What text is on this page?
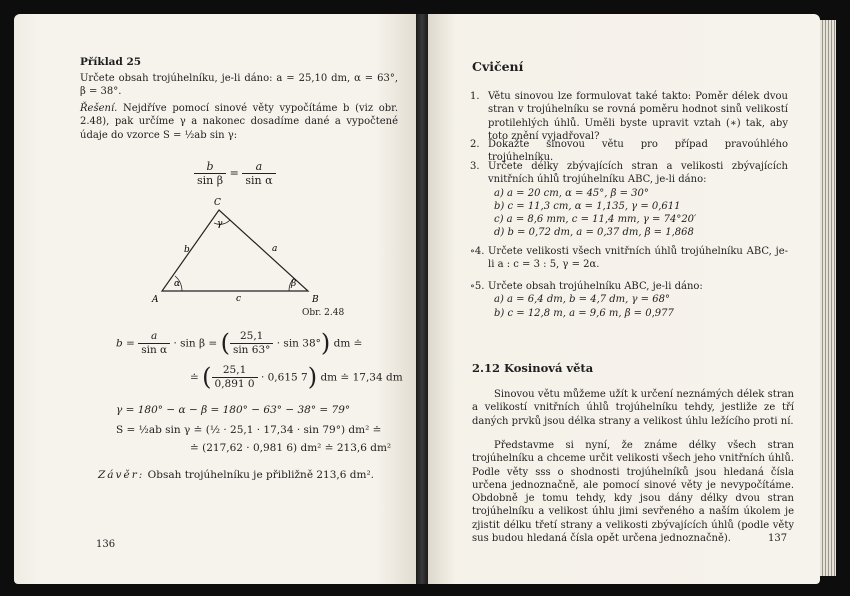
Příklad 25

Určete obsah trojúhelníku, je-li dáno: a = 25,10 dm, α = 63°, β = 38°.

Řešení. Nejdříve pomocí sinové věty vypočítáme b (viz obr. 2.48), pak určíme γ a nakonec dosadíme dané a vypočtené údaje do vzorce S = ½ab sin γ:

$\frac{b}{\text{sin β}} = \frac{a}{\text{sin α}}$
A	B
C
a
b
c
α	β
γ
Obr. 2.48
$b = \frac{a}{\text{sin α}} \cdot \sin \beta$ = ( $\frac{25,1}{\sin 63^\circ} \cdot \sin 38^\circ$) dm ≐
≐ ( $\frac{25,1}{0,891 0} \cdot 0,615$ 7) dm ≐ 17,34 dm
γ = 180° − α − β = 180° − 63° − 38° = 79°
S = ½ab sin γ ≐ (½ · 25,1 · 17,34 · sin 79°) dm² ≐
≐ (217,62 · 0,981 6) dm² ≐ 213,6 dm²
Závěr: Obsah trojúhelníku je přibližně 213,6 dm².
136
Cvičení
1. Větu sinovou lze formulovat také takto: Poměr délek dvou stran v trojúhelníku se rovná poměru hodnot sinů velikostí protilehlých úhlů. Uměli byste upravit vztah (∗) tak, aby toto znění vyjadřoval?

2. Dokažte sinovou větu pro případ pravoúhlého trojúhelníku.

3. Určete délky zbývajících stran a velikosti zbývajících vnitřních úhlů trojúhelníku ABC, je-li dáno:

a) a = 20 cm, α = 45°, β = 30°
b) c = 11,3 cm, α = 1,135, γ = 0,611
c) a = 8,6 mm, c = 11,4 mm, γ = 74°20′
d) b = 0,72 dm, a = 0,37 dm, β = 1,868
∘4. Určete velikosti všech vnitřních úhlů trojúhelníku ABC, je-li a : c = 3 : 5, γ = 2α.

∘5. Určete obsah trojúhelníku ABC, je-li dáno:

a) a = 6,4 dm, b = 4,7 dm, γ = 68°
b) c = 12,8 m, a = 9,6 m, β = 0,977
2.12 Kosinová věta

Sinovou větu můžeme užít k určení neznámých délek stran a velikostí vnitřních úhlů trojúhelníku tehdy, jestliže ze tří daných prvků jsou délka strany a velikost úhlu ležícího proti ní.

Představme si nyní, že známe délky všech stran trojúhelníku a chceme určit velikosti všech jeho vnitřních úhlů. Podle věty sss o shodnosti trojúhelníků jsou hledaná čísla určena jednoznačně, ale pomocí sinové věty je nevypočítáme. Obdobně je tomu tehdy, kdy jsou dány délky dvou stran trojúhelníku a velikost úhlu jimi sevřeného a naším úkolem je zjistit délku třetí strany a velikosti zbývajících úhlů (podle věty sus budou hledaná čísla opět určena jednoznačně).	137
